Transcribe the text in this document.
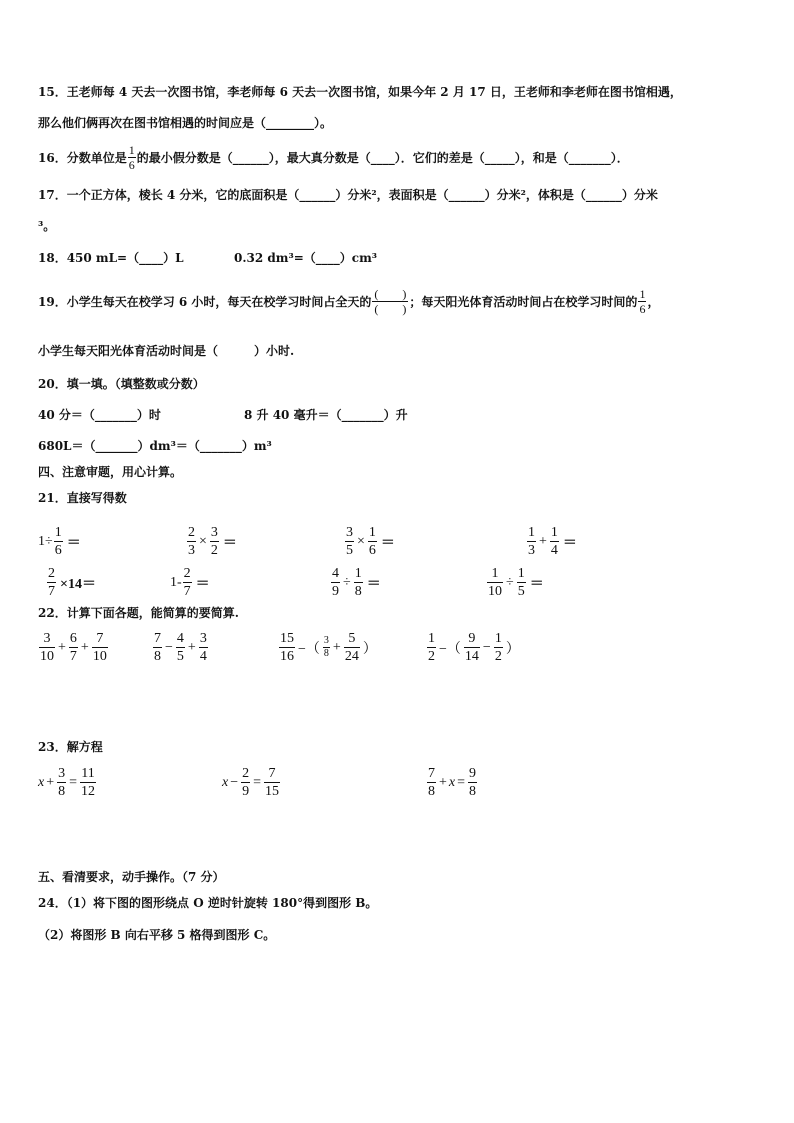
15．王老师每 4 天去一次图书馆，李老师每 6 天去一次图书馆，如果今年 2 月 17 日，王老师和李老师在图书馆相遇，
那么他们俩再次在图书馆相遇的时间应是（________）。
16．分数单位是 $\frac{1}{6}$ 的最小假分数是（______），最大真分数是（____）．它们的差是（_____），和是（_______）．
17．一个正方体，棱长 4 分米，它的底面积是（______）分米²，表面积是（______）分米²，体积是（______）分米
³。
18．450 mL=（____）L	0.32 dm³=（____）cm³
19．小学生每天在校学习 6 小时，每天在校学习时间占全天的 $\frac{( )}{( )}$ ；每天阳光体育活动时间占在校学习时间的 $\frac{1}{6}$ ，
小学生每天阳光体育活动时间是（　　　）小时.
20．填一填。（填整数或分数）
40 分＝（_______）时	8 升 40 毫升＝（_______）升
680L＝（_______）dm³＝（_______）m³
四、注意审题，用心计算。
21．直接写得数
$1\div \frac{1}{6}$ ＝	$\frac{2}{3} \times \frac{3}{2}$ ＝	$\frac{3}{5} \times \frac{1}{6}$ ＝	$\frac{1}{3} + \frac{1}{4}$ ＝
$\frac{2}{7} \times 14=$	$1- \frac{2}{7}$ ＝	$\frac{4}{9} \div \frac{1}{8}$ ＝	$\frac{1}{10} \div \frac{1}{5}$ ＝
22．计算下面各题，能简算的要简算.
$\frac{3}{10} + \frac{6}{7} + \frac{7}{10}$	$\frac{7}{8} - \frac{4}{5} + \frac{3}{4}$	$\frac{15}{16}$ −（ $\frac{3}{8} + \frac{5}{24}$ ）	$\frac{1}{2}$ −（ $\frac{9}{14} - \frac{1}{2}$ ）
23．解方程
$x + \frac{3}{8} = \frac{11}{12}$	$x - \frac{2}{9} = \frac{7}{15}$	$\frac{7}{8} + x = \frac{9}{8}$
五、看清要求，动手操作。（7 分）
24．（1）将下图的图形绕点 O 逆时针旋转 180°得到图形 B。
（2）将图形 B 向右平移 5 格得到图形 C。
